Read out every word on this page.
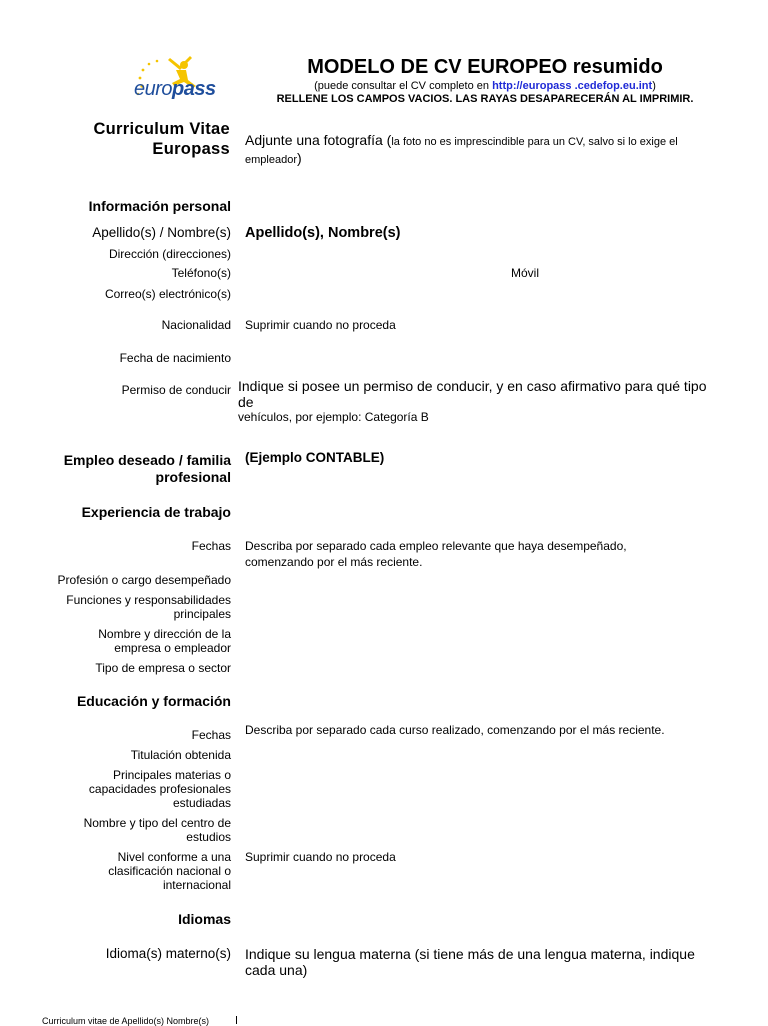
europass
MODELO DE CV EUROPEO resumido
(puede consultar el CV completo en http://europass .cedefop.eu.int)
RELLENE LOS CAMPOS VACIOS. LAS RAYAS DESAPARECERÁN AL IMPRIMIR.
Curriculum Vitae
Europass Adjunte una fotografía (la foto no es imprescindible para un CV, salvo si lo exige el empleador)
Información personal
Apellido(s) / Nombre(s) Apellido(s), Nombre(s)
Dirección (direcciones)
Teléfono(s)	Móvil
Correo(s) electrónico(s)
Nacionalidad Suprimir cuando no proceda
Fecha de nacimiento
Permiso de conducir Indique si posee un permiso de conducir, y en caso afirmativo para qué tipo
de
vehículos, por ejemplo: Categoría B
Empleo deseado / familia
profesional
(Ejemplo CONTABLE)
Experiencia de trabajo
Fechas Describa por separado cada empleo relevante que haya desempeñado,
comenzando por el más reciente.
Profesión o cargo desempeñado
Funciones y responsabilidades
principales
Nombre y dirección de la
empresa o empleador
Tipo de empresa o sector
Educación y formación
Fechas Describa por separado cada curso realizado, comenzando por el más reciente.
Titulación obtenida
Principales materias o
capacidades profesionales
estudiadas
Nombre y tipo del centro de
estudios
Nivel conforme a una
clasificación nacional o
internacional
Suprimir cuando no proceda
Idiomas
Idioma(s) materno(s) Indique su lengua materna (si tiene más de una lengua materna, indique
cada una)
Curriculum vitae de Apellido(s) Nombre(s)
